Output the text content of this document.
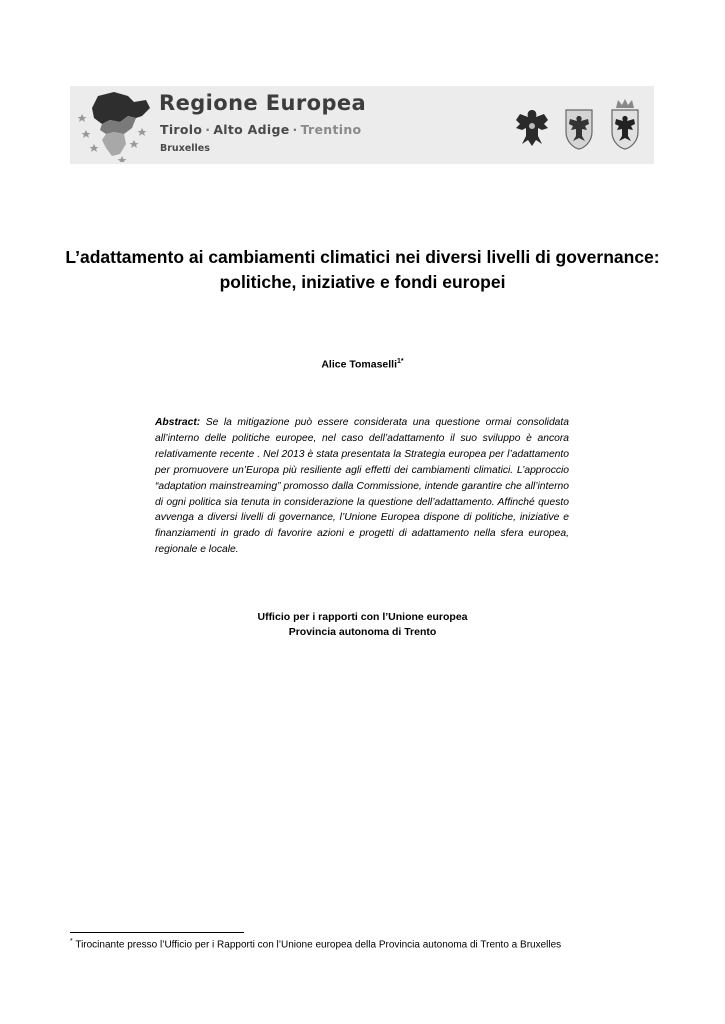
Regione Europea
Tirolo · Alto Adige · Trentino
Bruxelles
L’adattamento ai cambiamenti climatici nei diversi livelli di governance:
politiche, iniziative e fondi europei
Alice Tomaselli$^{1*}$
Abstract: Se la mitigazione può essere considerata una questione ormai consolidata all’interno delle politiche europee, nel caso dell’adattamento il suo sviluppo è ancora relativamente recente . Nel 2013 è stata presentata la Strategia europea per l’adattamento per promuovere un’Europa più resiliente agli effetti dei cambiamenti climatici. L’approccio “adaptation mainstreaming” promosso dalla Commissione, intende garantire che all’interno di ogni politica sia tenuta in considerazione la questione dell’adattamento. Affinché questo avvenga a diversi livelli di governance, l’Unione Europea dispone di politiche, iniziative e finanziamenti in grado di favorire azioni e progetti di adattamento nella sfera europea, regionale e locale.
Ufficio per i rapporti con l’Unione europea
Provincia autonoma di Trento
* Tirocinante presso l’Ufficio per i Rapporti con l’Unione europea della Provincia autonoma di Trento a Bruxelles
